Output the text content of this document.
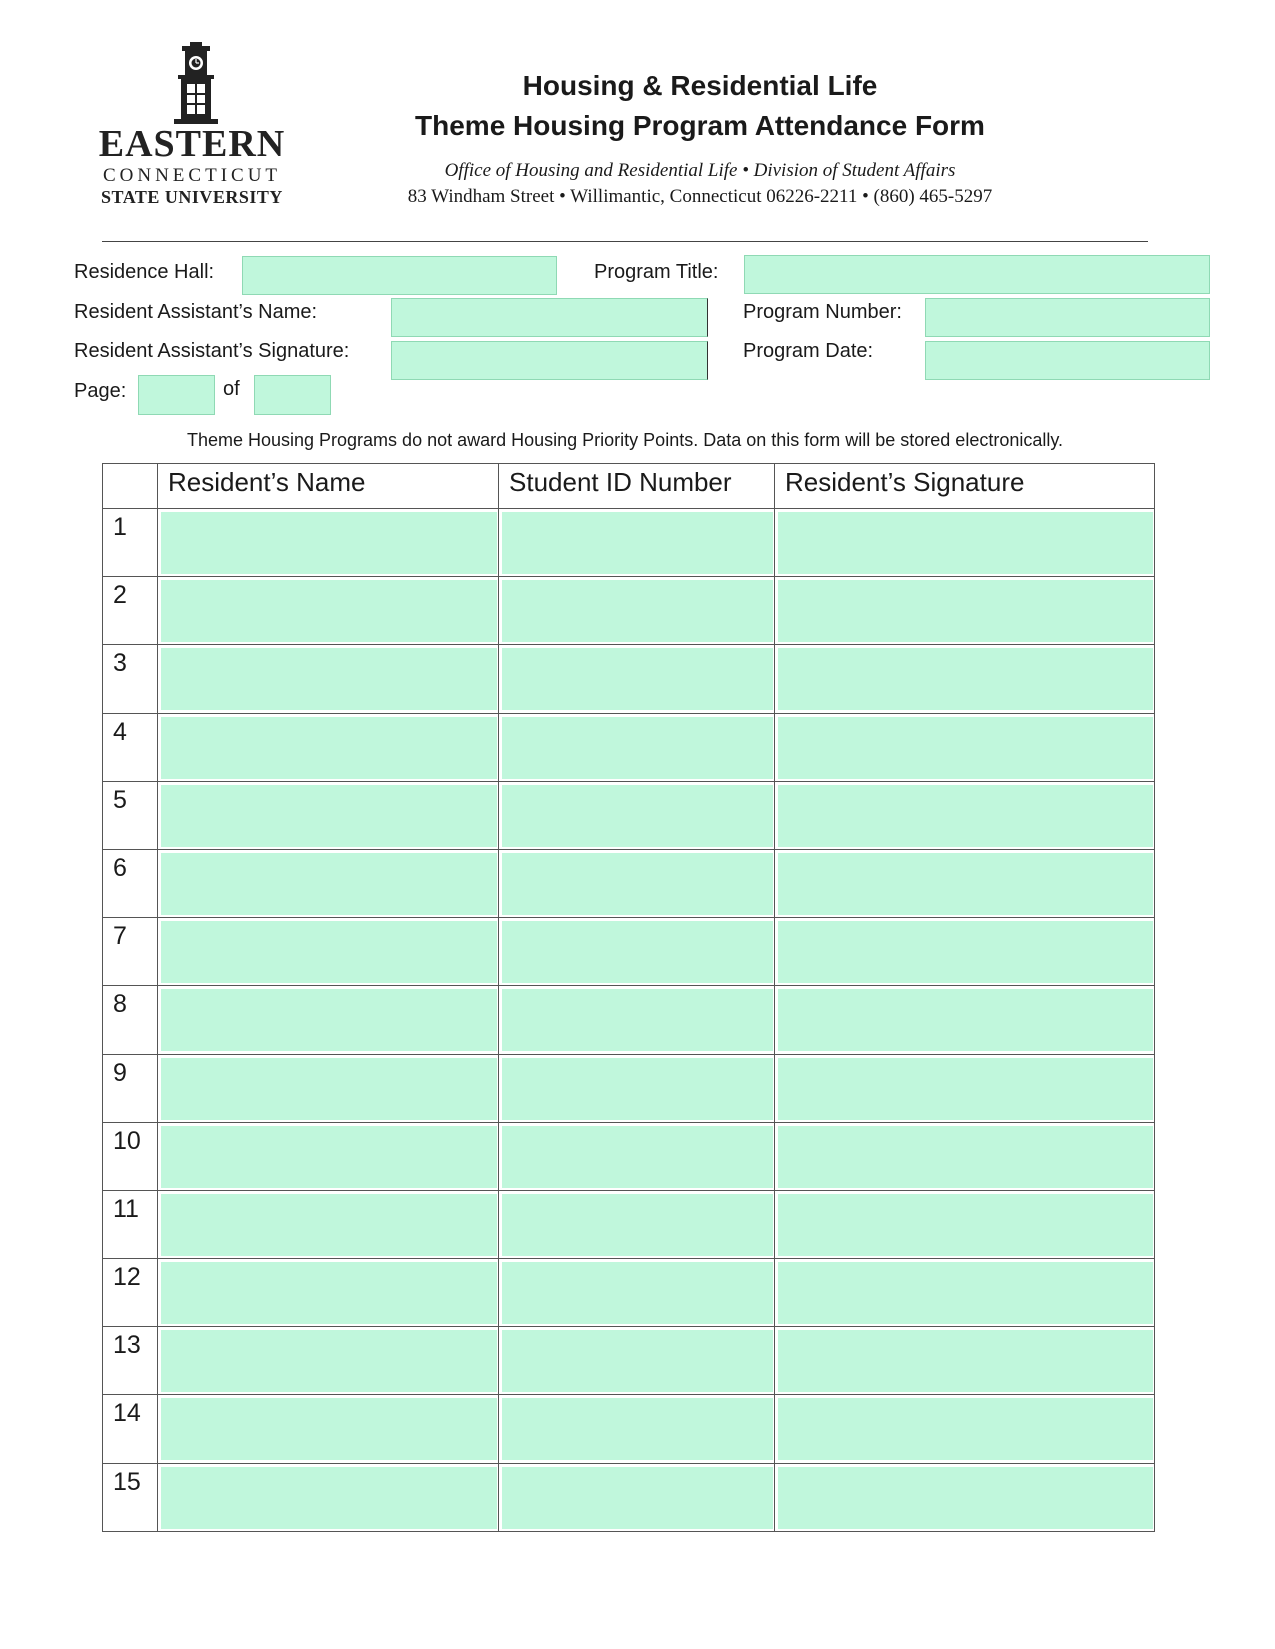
EASTERN
CONNECTICUT
STATE UNIVERSITY
Housing & Residential Life
Theme Housing Program Attendance Form
Office of Housing and Residential Life • Division of Student Affairs
83 Windham Street • Willimantic, Connecticut 06226-2211 • (860) 465-5297
Residence Hall:	Program Title:
Resident Assistant’s Name:	Program Number:
Resident Assistant’s Signature:	Program Date:
Page:	of
Theme Housing Programs do not award Housing Priority Points. Data on this form will be stored electronically.
	Resident’s Name	Student ID Number	Resident’s Signature
1	

2	

3	

4	

5	

6	

7	

8	

9	

10	

11	

12	

13	

14	

15	
